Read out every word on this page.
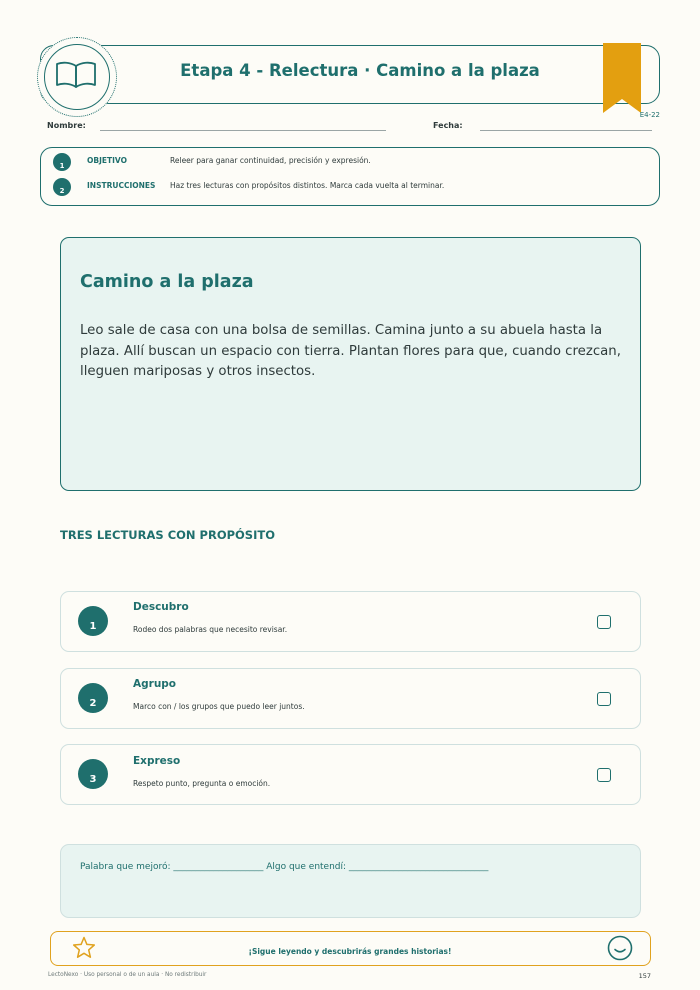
Etapa 4 - Relectura · Camino a la plaza
E4-22
Nombre:	Fecha:
1
OBJETIVO	Releer para ganar continuidad, precisión y expresión.
2
INSTRUCCIONES Haz tres lecturas con propósitos distintos. Marca cada vuelta al terminar.
Camino a la plaza
Leo sale de casa con una bolsa de semillas. Camina junto a su abuela hasta la plaza. Allí buscan un espacio con tierra. Plantan flores para que, cuando crezcan, lleguen mariposas y otros insectos.
TRES LECTURAS CON PROPÓSITO
1
Descubro
Rodeo dos palabras que necesito revisar.
2
Agrupo
Marco con / los grupos que puedo leer juntos.
3
Expreso
Respeto punto, pregunta o emoción.
Palabra que mejoró: ____________________ Algo que entendí: _______________________________
¡Sigue leyendo y descubrirás grandes historias!
LectoNexo · Uso personal o de un aula · No redistribuir	157
